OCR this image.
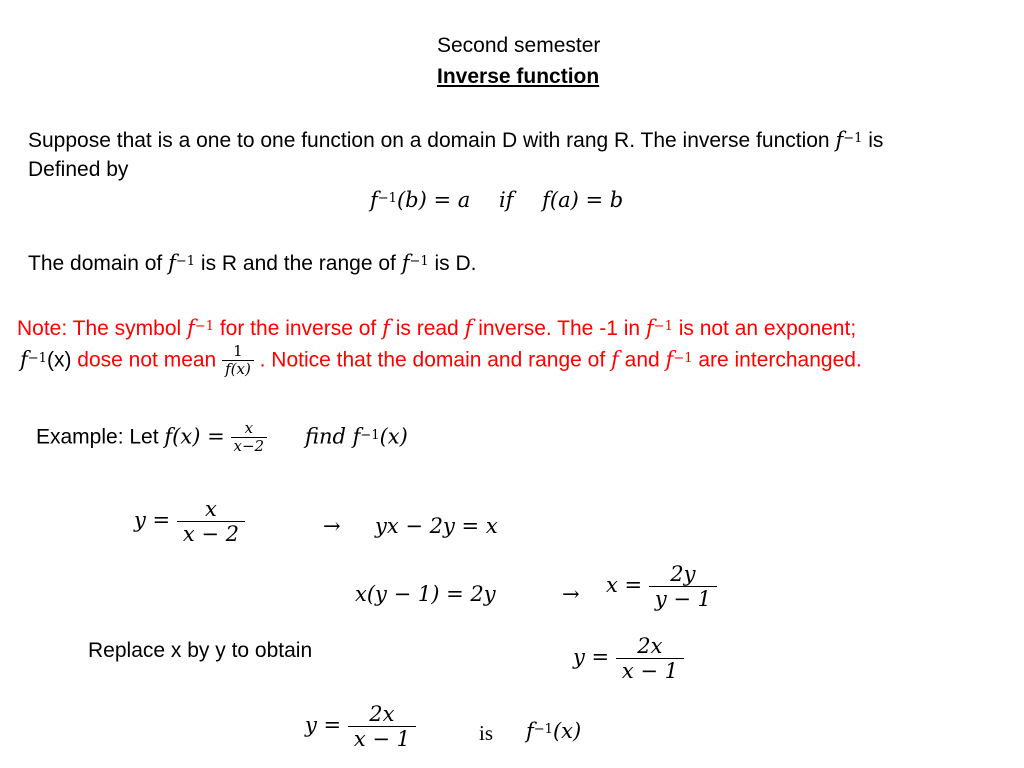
Second semester
Inverse function
Suppose that is a one to one function on a domain D with rang R. The inverse function $f^{-1}$ is
Defined by
$f^{-1}(b) = a$ if f(a) = b
The domain of $f^{-1}$ is R and the range of $f^{-1}$ is D.
Note: The symbol $f^{-1}$ for the inverse of f is read f inverse. The -1 in $f^{-1}$ is not an exponent;
$f^{-1}(x)$ dose not mean $\frac{1}{f(x)}$ . Notice that the domain and range of f and $f^{-1}$ are interchanged.
Example: Let $f(x) = \frac{x}{x-2}$ find $f^{-1}(x)$
$y = \frac{x}{x - 2}$	→ yx − 2y = x
x(y − 1) = 2y	→ $x = \frac{2y}{y - 1}$
Replace x by y to obtain	$y = \frac{2x}{x - 1}$
$y = \frac{2x}{x - 1}$	is $f^{-1}(x)$
